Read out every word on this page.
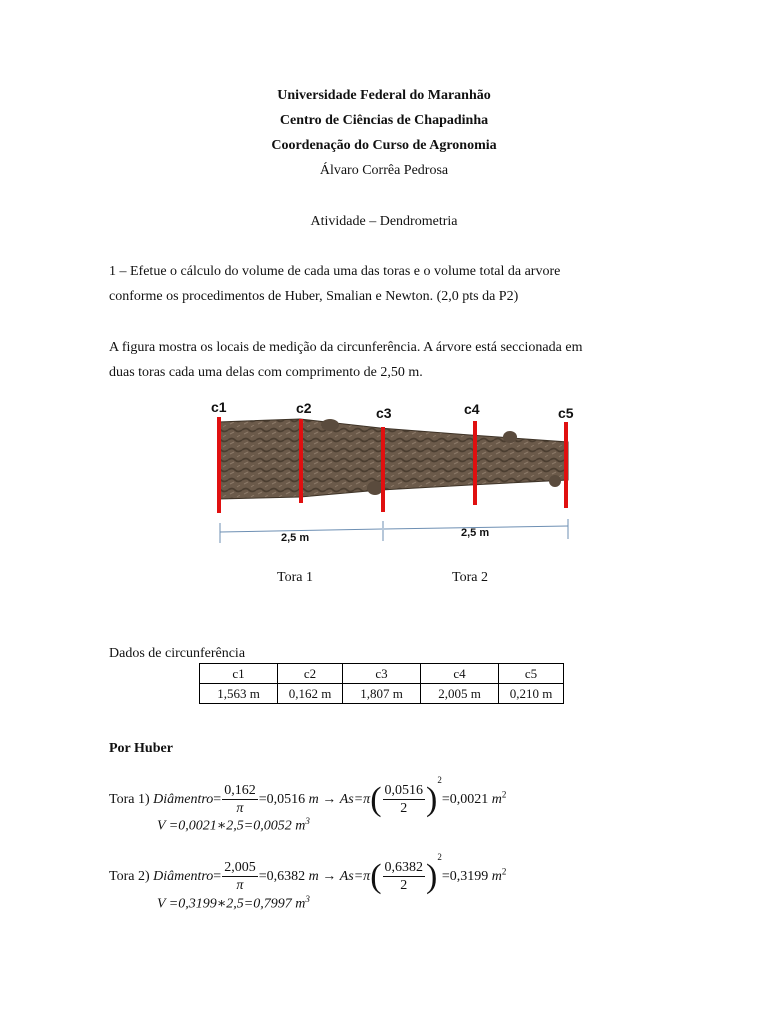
Universidade Federal do Maranhão
Centro de Ciências de Chapadinha
Coordenação do Curso de Agronomia
Álvaro Corrêa Pedrosa
Atividade – Dendrometria
1 – Efetue o cálculo do volume de cada uma das toras e o volume total da arvore
conforme os procedimentos de Huber, Smalian e Newton. (2,0 pts da P2)
A figura mostra os locais de medição da circunferência. A árvore está seccionada em
duas toras cada uma delas com comprimento de 2,50 m.
c1	c2	c3	c4	c5
2,5 m	2,5 m
Tora 1	Tora 2
Dados de circunferência
c1	c2	c3	c4	c5
1,563 m	0,162 m	1,807 m	2,005 m	0,210 m
Por Huber
Tora 1) Diâmentro= $\frac{0,162}{\pi} =0,0516$ $m \to As=\pi( \frac{0,0516}{2} )^2=0,0021$ $m^2$
V =0,0021∗2,5=0,0052 $m^3$
Tora 2) Diâmentro= $\frac{2,005}{\pi} =0,6382$ $m \to As=\pi( \frac{0,6382}{2} )^2=0,3199$ $m^2$
V =0,3199∗2,5=0,7997 $m^3$
